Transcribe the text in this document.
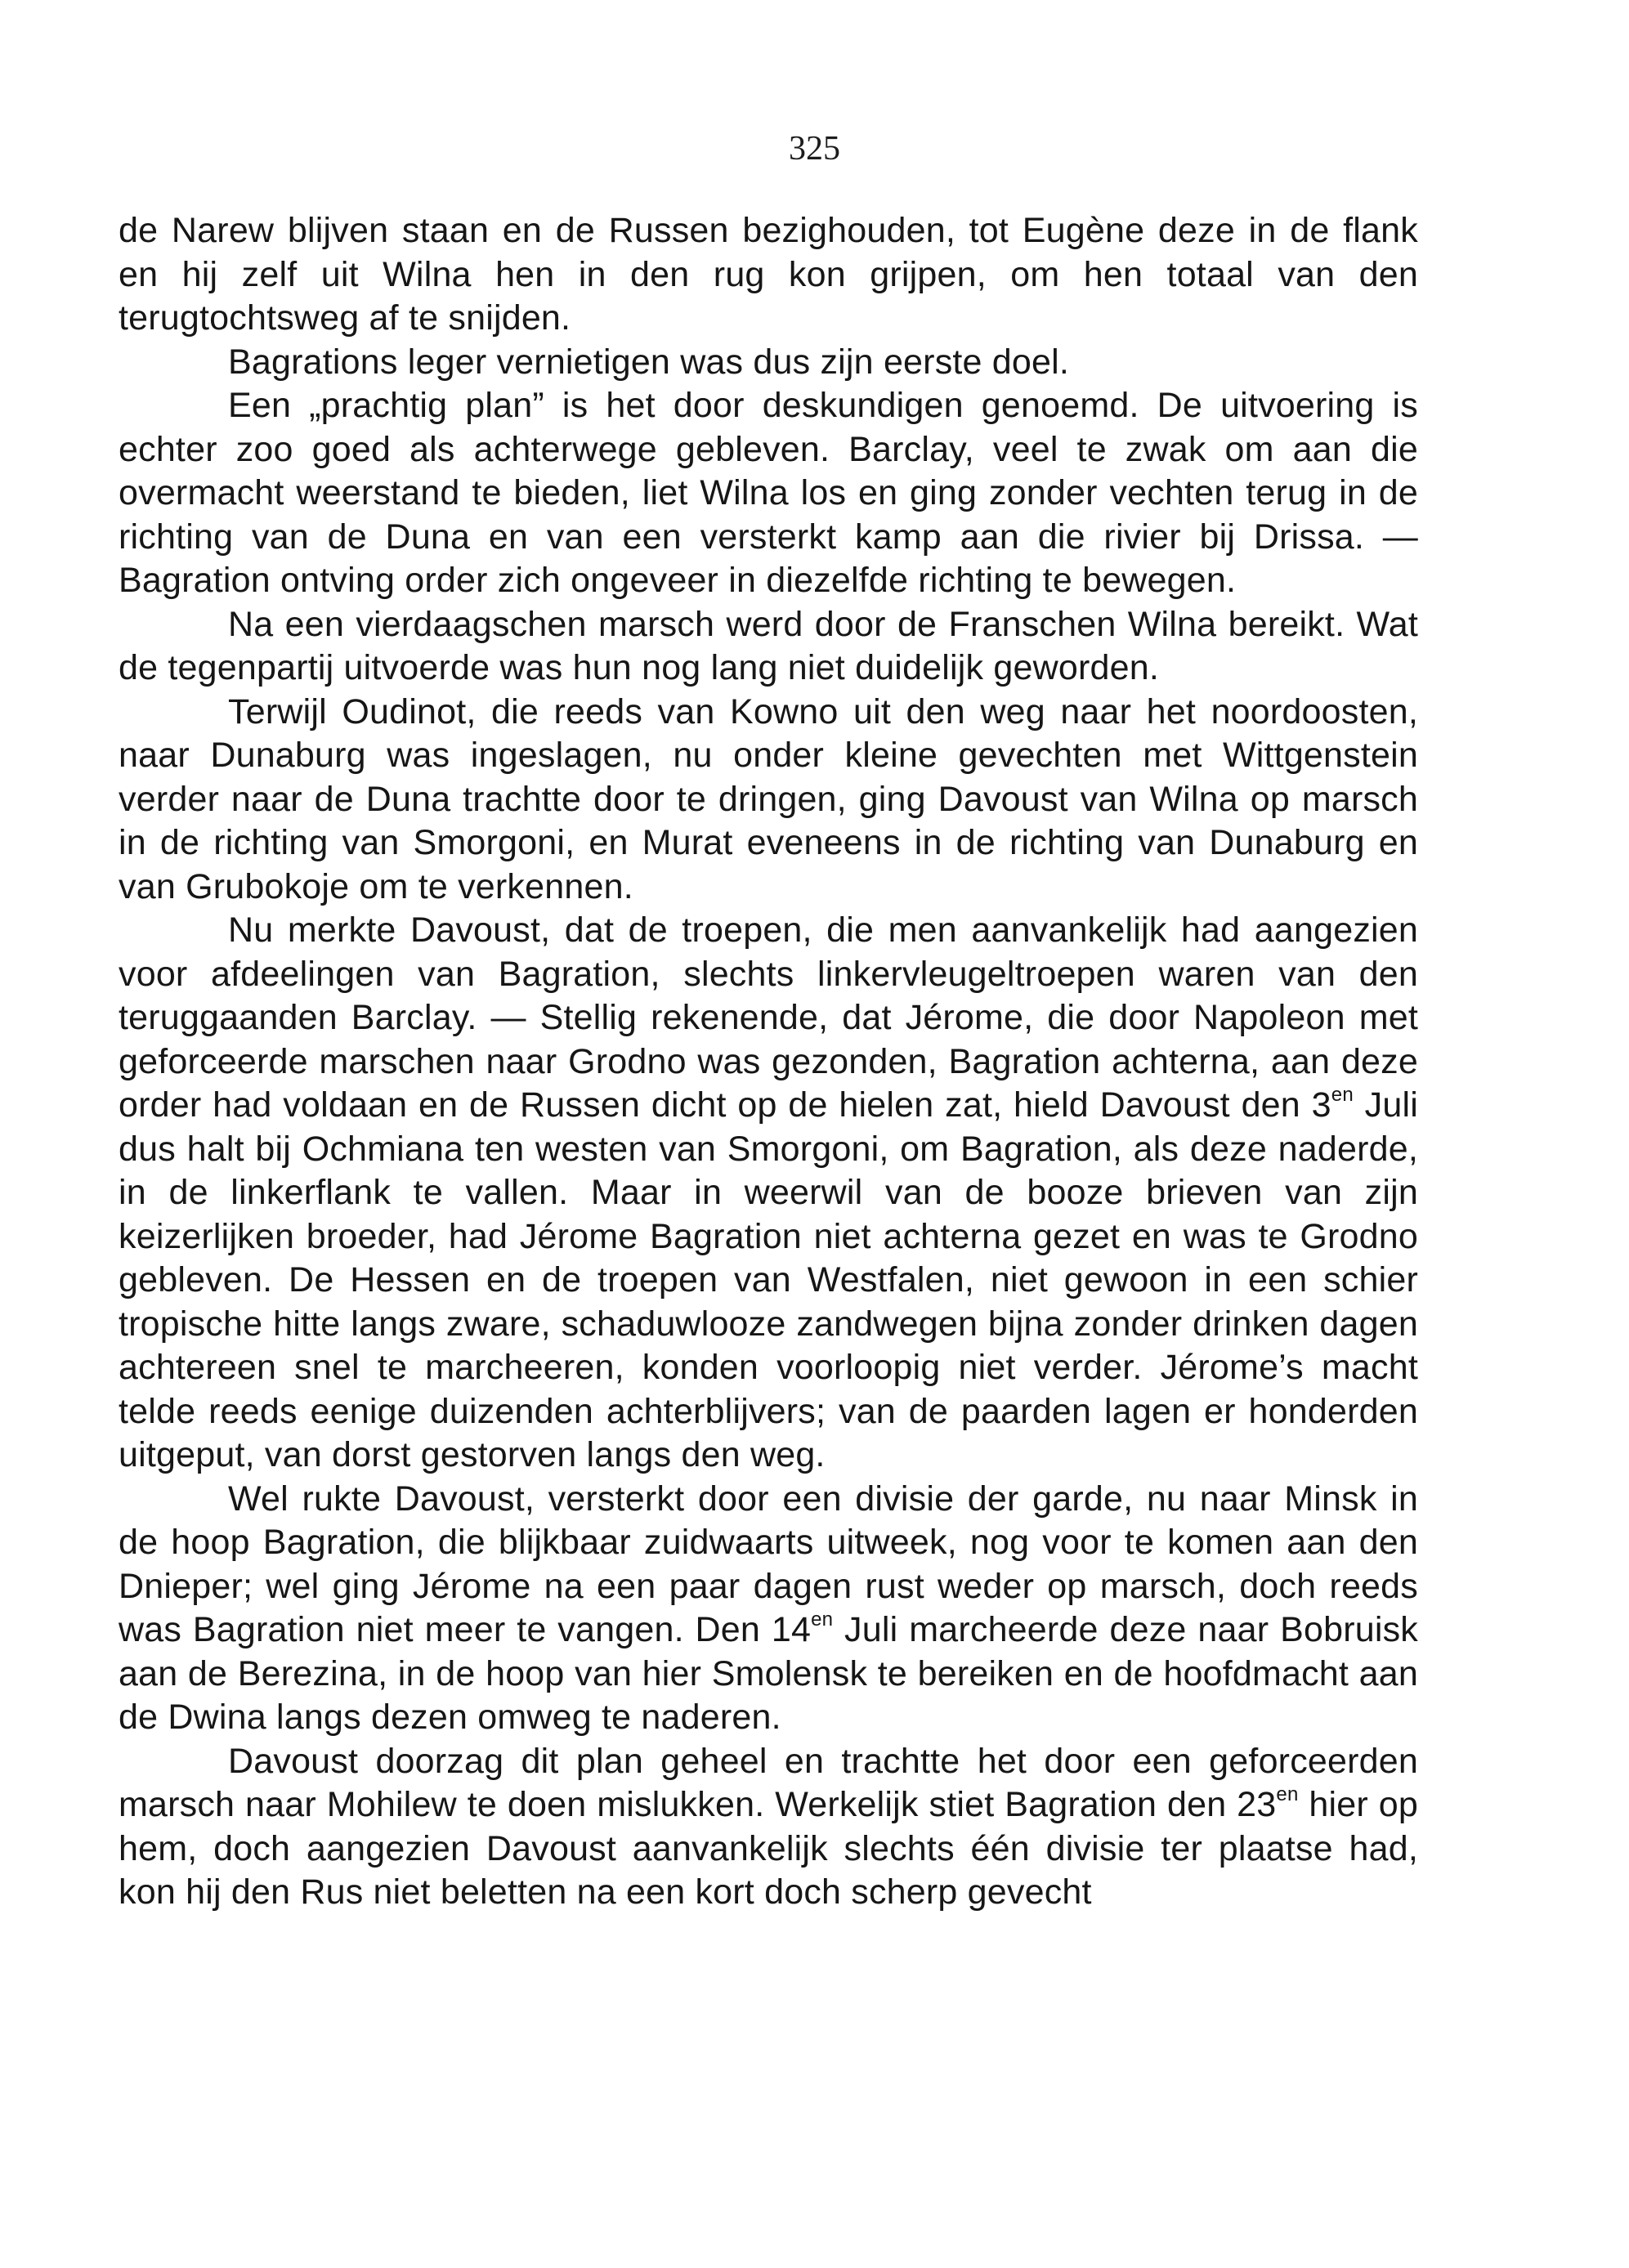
325

de Narew blijven staan en de Russen bezighouden, tot Eugène deze in de flank en hij zelf uit Wilna hen in den rug kon grijpen, om hen totaal van den terugtochtsweg af te snijden.

Bagrations leger vernietigen was dus zijn eerste doel.

Een „prachtig plan” is het door deskundigen genoemd. De uitvoering is echter zoo goed als achterwege gebleven. Barclay, veel te zwak om aan die overmacht weerstand te bieden, liet Wilna los en ging zonder vechten terug in de richting van de Duna en van een versterkt kamp aan die rivier bij Drissa. — Bagration ontving order zich ongeveer in diezelfde richting te bewegen.

Na een vierdaagschen marsch werd door de Franschen Wilna bereikt. Wat de tegenpartij uitvoerde was hun nog lang niet duidelijk geworden.

Terwijl Oudinot, die reeds van Kowno uit den weg naar het noordoosten, naar Dunaburg was ingeslagen, nu onder kleine gevechten met Wittgenstein verder naar de Duna trachtte door te dringen, ging Davoust van Wilna op marsch in de richting van Smorgoni, en Murat eveneens in de richting van Dunaburg en van Grubokoje om te verkennen.

Nu merkte Davoust, dat de troepen, die men aanvankelijk had aangezien voor afdeelingen van Bagration, slechts linkervleugeltroepen waren van den teruggaanden Barclay. — Stellig rekenende, dat Jérome, die door Napoleon met geforceerde marschen naar Grodno was gezonden, Bagration achterna, aan deze order had voldaan en de Russen dicht op de hielen zat, hield Davoust den $3^{en}$ Juli dus halt bij Ochmiana ten westen van Smorgoni, om Bagration, als deze naderde, in de linkerflank te vallen. Maar in weerwil van de booze brieven van zijn keizerlijken broeder, had Jérome Bagration niet achterna gezet en was te Grodno gebleven. De Hessen en de troepen van Westfalen, niet gewoon in een schier tropische hitte langs zware, schaduwlooze zandwegen bijna zonder drinken dagen achtereen snel te marcheeren, konden voorloopig niet verder. Jérome’s macht telde reeds eenige duizenden achterblijvers; van de paarden lagen er honderden uitgeput, van dorst gestorven langs den weg.

Wel rukte Davoust, versterkt door een divisie der garde, nu naar Minsk in de hoop Bagration, die blijkbaar zuidwaarts uitweek, nog voor te komen aan den Dnieper; wel ging Jérome na een paar dagen rust weder op marsch, doch reeds was Bagration niet meer te vangen. Den $14^{en}$ Juli marcheerde deze naar Bobruisk aan de Berezina, in de hoop van hier Smolensk te bereiken en de hoofdmacht aan de Dwina langs dezen omweg te naderen.

Davoust doorzag dit plan geheel en trachtte het door een geforceerden marsch naar Mohilew te doen mislukken. Werkelijk stiet Bagration den $23^{en}$ hier op hem, doch aangezien Davoust aanvankelijk slechts één divisie ter plaatse had, kon hij den Rus niet beletten na een kort doch scherp gevecht
